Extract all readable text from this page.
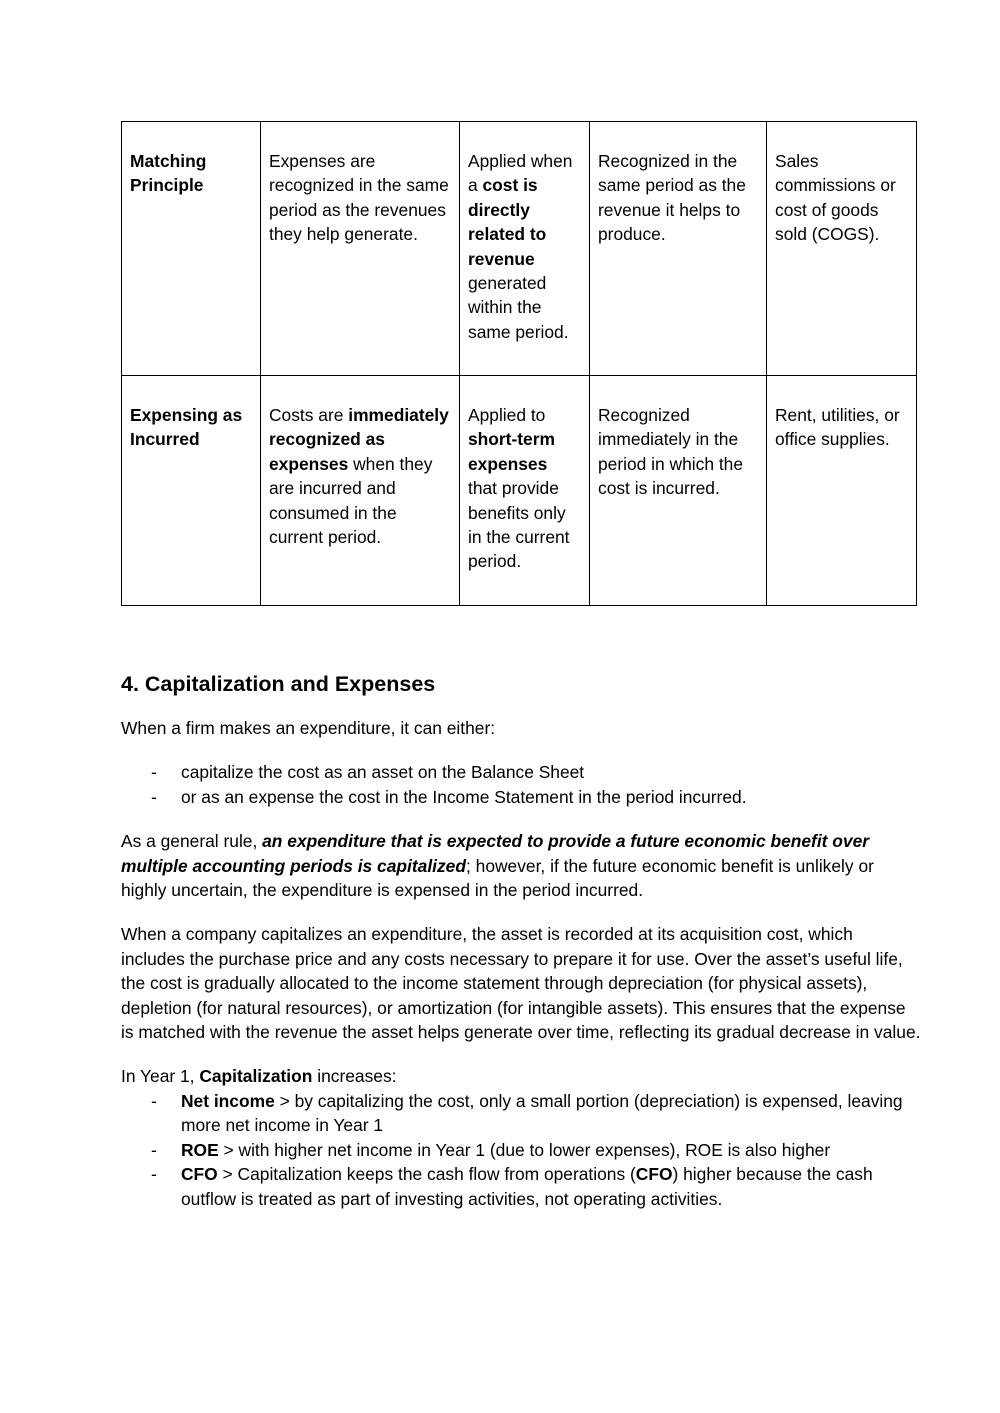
Matching Principle	Expenses are recognized in the same period as the revenues they help generate.	Applied when a cost is directly related to revenue generated within the same period.	Recognized in the same period as the revenue it helps to produce.	Sales commissions or cost of goods sold (COGS).
Expensing as Incurred	Costs are immediately recognized as expenses when they are incurred and consumed in the current period.	Applied to short-term expenses that provide benefits only in the current period.	Recognized immediately in the period in which the cost is incurred.	Rent, utilities, or office supplies.
4. Capitalization and Expenses

When a firm makes an expenditure, it can either:

- capitalize the cost as an asset on the Balance Sheet
- or as an expense the cost in the Income Statement in the period incurred.

As a general rule, an expenditure that is expected to provide a future economic benefit over multiple accounting periods is capitalized; however, if the future economic benefit is unlikely or highly uncertain, the expenditure is expensed in the period incurred.

When a company capitalizes an expenditure, the asset is recorded at its acquisition cost, which includes the purchase price and any costs necessary to prepare it for use. Over the asset’s useful life, the cost is gradually allocated to the income statement through depreciation (for physical assets), depletion (for natural resources), or amortization (for intangible assets). This ensures that the expense is matched with the revenue the asset helps generate over time, reflecting its gradual decrease in value.

In Year 1, Capitalization increases:

- Net income > by capitalizing the cost, only a small portion (depreciation) is expensed, leaving more net income in Year 1
- ROE > with higher net income in Year 1 (due to lower expenses), ROE is also higher
- CFO > Capitalization keeps the cash flow from operations (CFO) higher because the cash outflow is treated as part of investing activities, not operating activities.
